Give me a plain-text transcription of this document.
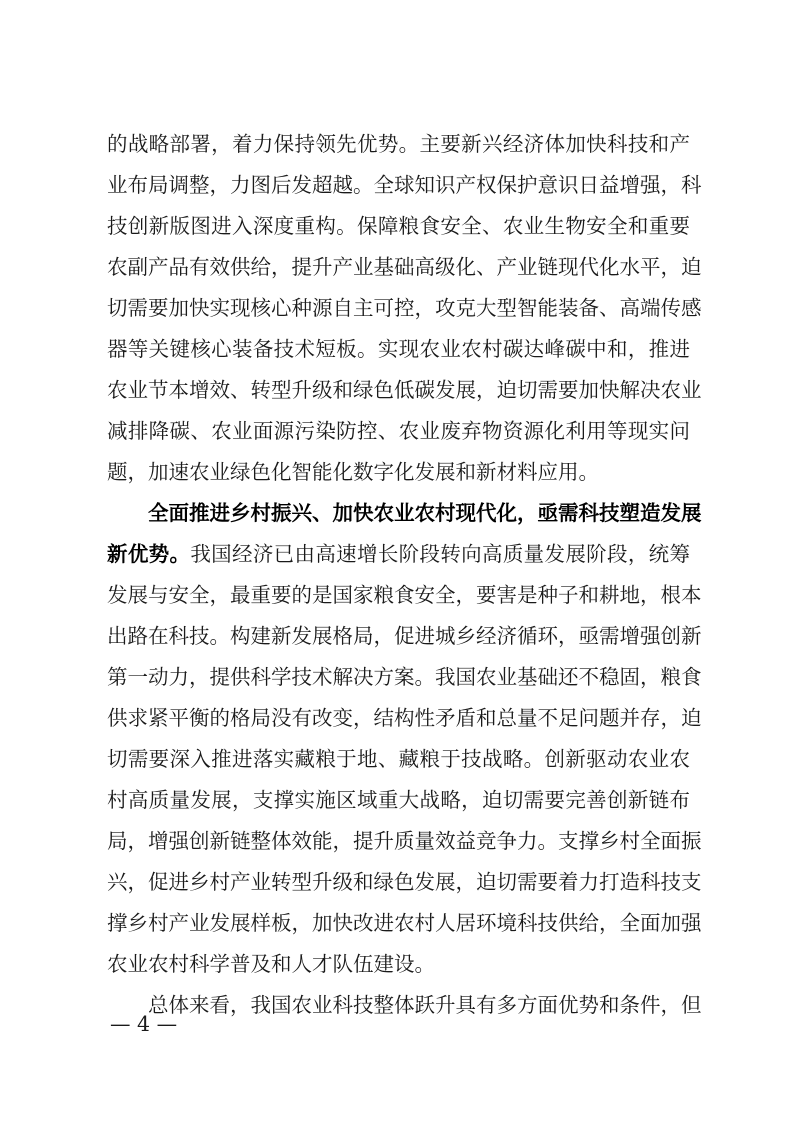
的战略部署，着力保持领先优势。主要新兴经济体加快科技和产
业布局调整，力图后发超越。全球知识产权保护意识日益增强，科
技创新版图进入深度重构。保障粮食安全、农业生物安全和重要
农副产品有效供给，提升产业基础高级化、产业链现代化水平，迫
切需要加快实现核心种源自主可控，攻克大型智能装备、高端传感
器等关键核心装备技术短板。实现农业农村碳达峰碳中和，推进
农业节本增效、转型升级和绿色低碳发展，迫切需要加快解决农业
减排降碳、农业面源污染防控、农业废弃物资源化利用等现实问
题，加速农业绿色化智能化数字化发展和新材料应用。
全面推进乡村振兴、加快农业农村现代化，亟需科技塑造发展
新优势。我国经济已由高速增长阶段转向高质量发展阶段，统筹
发展与安全，最重要的是国家粮食安全，要害是种子和耕地，根本
出路在科技。构建新发展格局，促进城乡经济循环，亟需增强创新
第一动力，提供科学技术解决方案。我国农业基础还不稳固，粮食
供求紧平衡的格局没有改变，结构性矛盾和总量不足问题并存，迫
切需要深入推进落实藏粮于地、藏粮于技战略。创新驱动农业农
村高质量发展，支撑实施区域重大战略，迫切需要完善创新链布
局，增强创新链整体效能，提升质量效益竞争力。支撑乡村全面振
兴，促进乡村产业转型升级和绿色发展，迫切需要着力打造科技支
撑乡村产业发展样板，加快改进农村人居环境科技供给，全面加强
农业农村科学普及和人才队伍建设。
总体来看，我国农业科技整体跃升具有多方面优势和条件，但
— 4 —
